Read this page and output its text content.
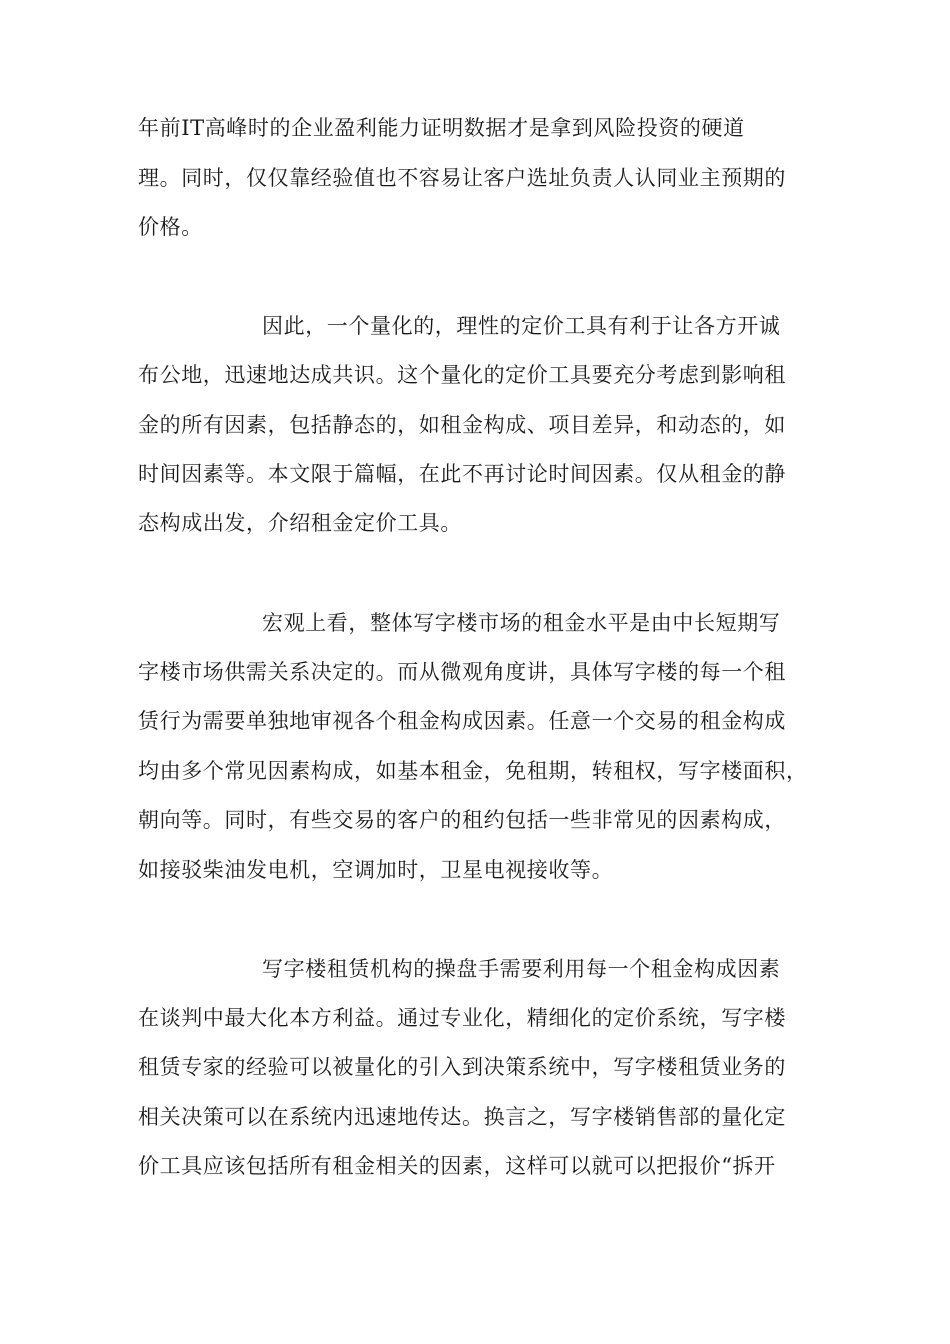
年前IT高峰时的企业盈利能力证明数据才是拿到风险投资的硬道

理。同时，仅仅靠经验值也不容易让客户选址负责人认同业主预期的

价格。

因此，一个量化的，理性的定价工具有利于让各方开诚

布公地，迅速地达成共识。这个量化的定价工具要充分考虑到影响租

金的所有因素，包括静态的，如租金构成、项目差异，和动态的，如

时间因素等。本文限于篇幅，在此不再讨论时间因素。仅从租金的静

态构成出发，介绍租金定价工具。

宏观上看，整体写字楼市场的租金水平是由中长短期写

字楼市场供需关系决定的。而从微观角度讲，具体写字楼的每一个租

赁行为需要单独地审视各个租金构成因素。任意一个交易的租金构成

均由多个常见因素构成，如基本租金，免租期，转租权，写字楼面积，

朝向等。同时，有些交易的客户的租约包括一些非常见的因素构成，

如接驳柴油发电机，空调加时，卫星电视接收等。

写字楼租赁机构的操盘手需要利用每一个租金构成因素

在谈判中最大化本方利益。通过专业化，精细化的定价系统，写字楼

租赁专家的经验可以被量化的引入到决策系统中，写字楼租赁业务的

相关决策可以在系统内迅速地传达。换言之，写字楼销售部的量化定

价工具应该包括所有租金相关的因素，这样可以就可以把报价“拆开
